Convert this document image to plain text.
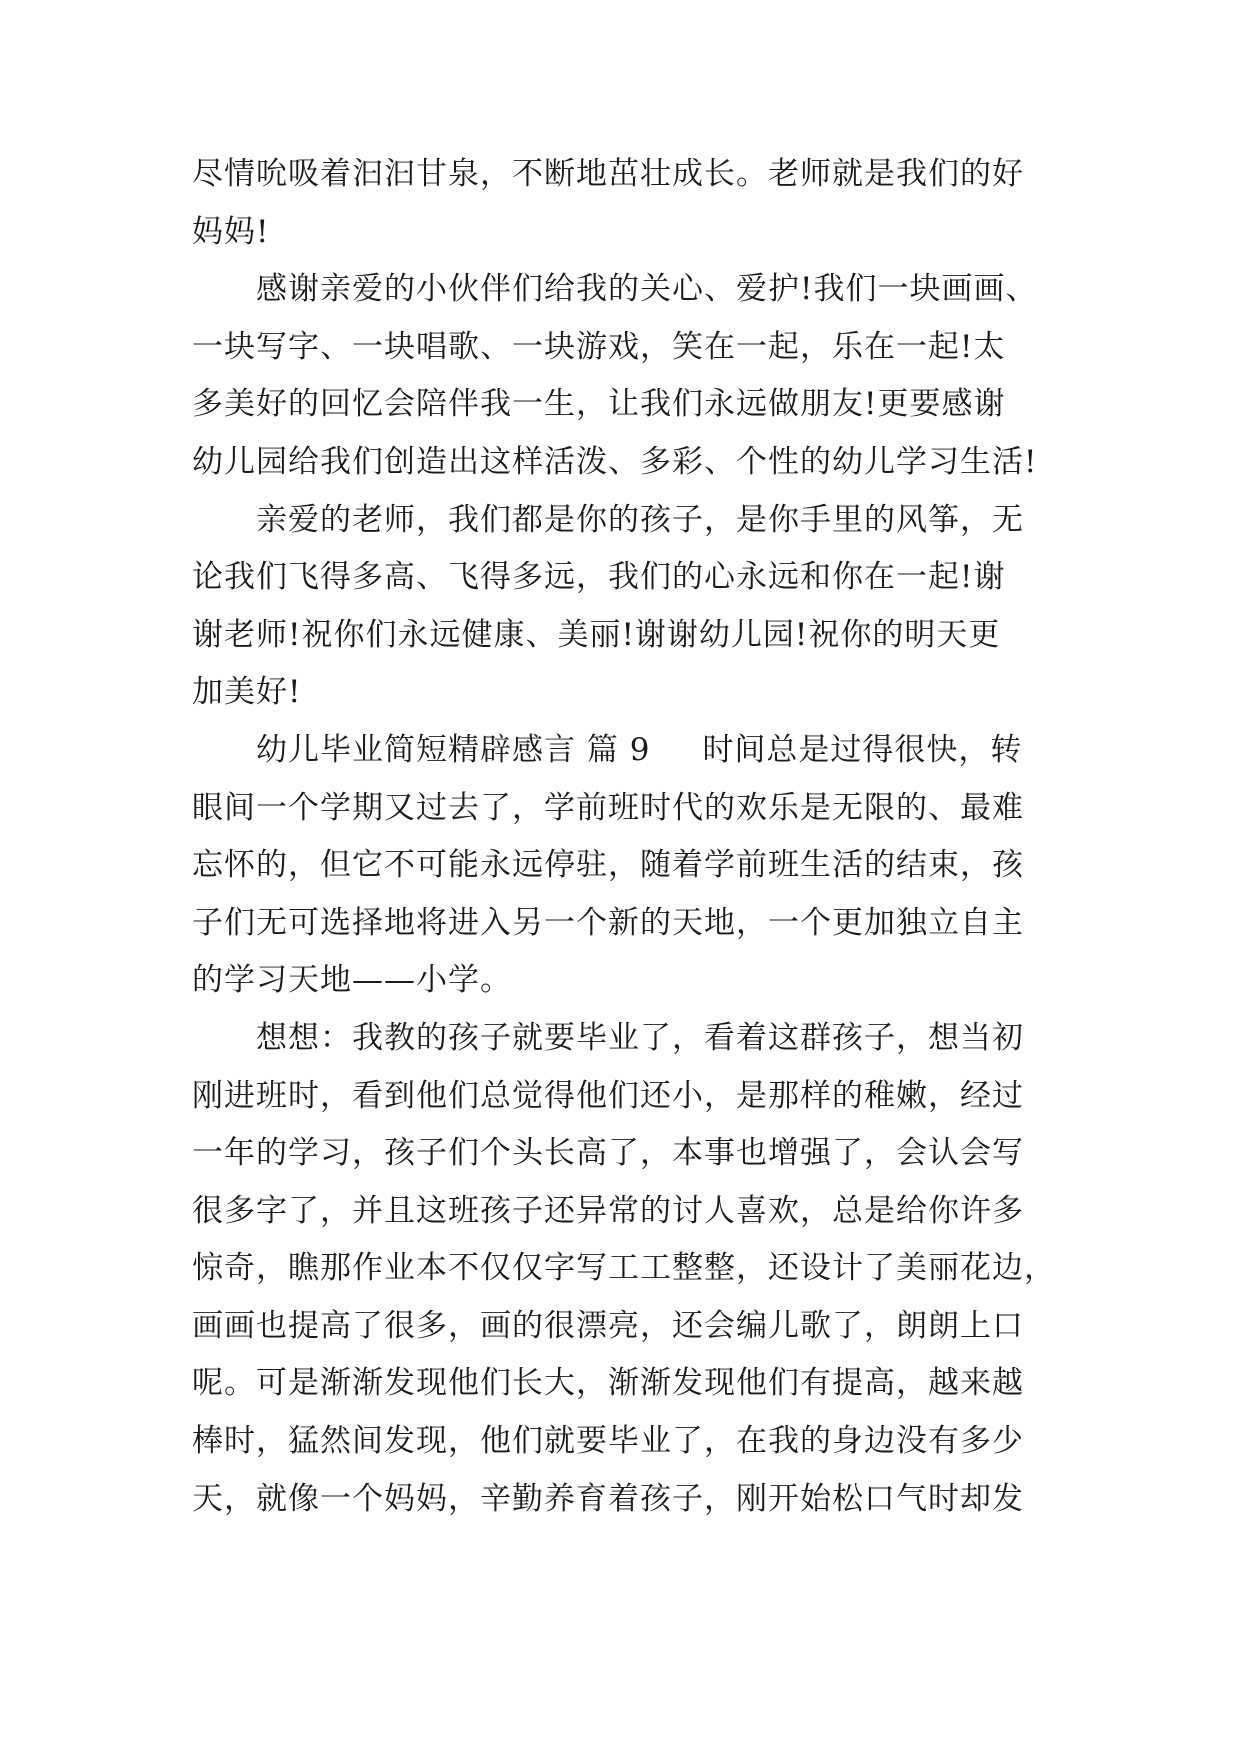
尽情吮吸着汩汩甘泉，不断地茁壮成长。老师就是我们的好
妈妈!
感谢亲爱的小伙伴们给我的关心、爱护!我们一块画画、
一块写字、一块唱歌、一块游戏，笑在一起，乐在一起!太
多美好的回忆会陪伴我一生，让我们永远做朋友!更要感谢
幼儿园给我们创造出这样活泼、多彩、个性的幼儿学习生活!
亲爱的老师，我们都是你的孩子，是你手里的风筝，无
论我们飞得多高、飞得多远，我们的心永远和你在一起!谢
谢老师!祝你们永远健康、美丽!谢谢幼儿园!祝你的明天更
加美好!
幼儿毕业简短精辟感言 篇 9 时间总是过得很快，转
眼间一个学期又过去了，学前班时代的欢乐是无限的、最难
忘怀的，但它不可能永远停驻，随着学前班生活的结束，孩
子们无可选择地将进入另一个新的天地，一个更加独立自主
的学习天地——小学。
想想：我教的孩子就要毕业了，看着这群孩子，想当初
刚进班时，看到他们总觉得他们还小，是那样的稚嫩，经过
一年的学习，孩子们个头长高了，本事也增强了，会认会写
很多字了，并且这班孩子还异常的讨人喜欢，总是给你许多
惊奇，瞧那作业本不仅仅字写工工整整，还设计了美丽花边，
画画也提高了很多，画的很漂亮，还会编儿歌了，朗朗上口
呢。可是渐渐发现他们长大，渐渐发现他们有提高，越来越
棒时，猛然间发现，他们就要毕业了，在我的身边没有多少
天，就像一个妈妈，辛勤养育着孩子，刚开始松口气时却发
